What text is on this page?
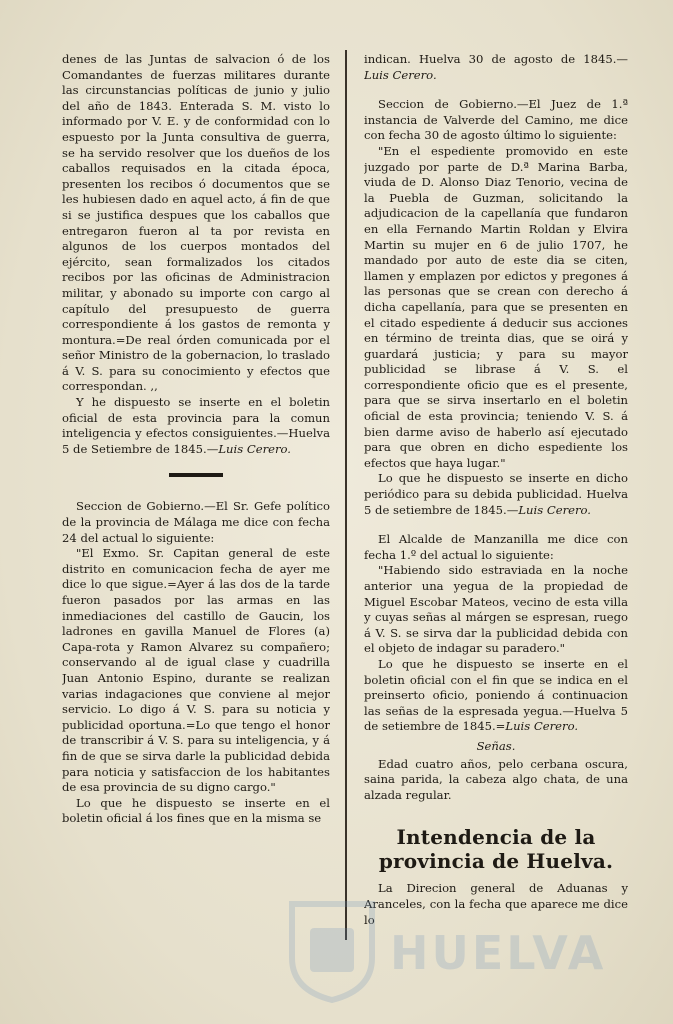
denes de las Juntas de salvacion ó de los Comandantes de fuerzas militares durante las circunstancias políticas de junio y julio del año de 1843. Enterada S. M. visto lo informado por V. E. y de conformidad con lo espuesto por la Junta consultiva de guerra, se ha servido resolver que los dueños de los caballos requisados en la citada época, presenten los recibos ó documentos que se les hubiesen dado en aquel acto, á fin de que si se justifica despues que los caballos que entregaron fueron al ta por revista en algunos de los cuerpos montados del ejército, sean formalizados los citados recibos por las oficinas de Administracion militar, y abonado su importe con cargo al capítulo del presupuesto de guerra correspondiente á los gastos de remonta y montura.=De real órden comunicada por el señor Ministro de la gobernacion, lo traslado á V. S. para su conocimiento y efectos que correspondan. ,,

Y he dispuesto se inserte en el boletin oficial de esta provincia para la comun inteligencia y efectos consiguientes.—Huelva 5 de Setiembre de 1845.—Luis Cerero.

Seccion de Gobierno.—El Sr. Gefe político de la provincia de Málaga me dice con fecha 24 del actual lo siguiente:

"El Exmo. Sr. Capitan general de este distrito en comunicacion fecha de ayer me dice lo que sigue.=Ayer á las dos de la tarde fueron pasados por las armas en las inmediaciones del castillo de Gaucin, los ladrones en gavilla Manuel de Flores (a) Capa-rota y Ramon Alvarez su compañero; conservando al de igual clase y cuadrilla Juan Antonio Espino, durante se realizan varias indagaciones que conviene al mejor servicio. Lo digo á V. S. para su noticia y publicidad oportuna.=Lo que tengo el honor de transcribir á V. S. para su inteligencia, y á fin de que se sirva darle la publicidad debida para noticia y satisfaccion de los habitantes de esa provincia de su digno cargo."

Lo que he dispuesto se inserte en el boletin oficial á los fines que en la misma se

indican. Huelva 30 de agosto de 1845.— Luis Cerero.

Seccion de Gobierno.—El Juez de 1.ª instancia de Valverde del Camino, me dice con fecha 30 de agosto último lo siguiente:

"En el espediente promovido en este juzgado por parte de D.ª Marina Barba, viuda de D. Alonso Diaz Tenorio, vecina de la Puebla de Guzman, solicitando la adjudicacion de la capellanía que fundaron en ella Fernando Martin Roldan y Elvira Martin su mujer en 6 de julio 1707, he mandado por auto de este dia se citen, llamen y emplazen por edictos y pregones á las personas que se crean con derecho á dicha capellanía, para que se presenten en el citado espediente á deducir sus acciones en término de treinta dias, que se oirá y guardará justicia; y para su mayor publicidad se librase á V. S. el correspondiente oficio que es el presente, para que se sirva insertarlo en el boletin oficial de esta provincia; teniendo V. S. á bien darme aviso de haberlo así ejecutado para que obren en dicho espediente los efectos que haya lugar."

Lo que he dispuesto se inserte en dicho periódico para su debida publicidad. Huelva 5 de setiembre de 1845.—Luis Cerero.

El Alcalde de Manzanilla me dice con fecha 1.º del actual lo siguiente:

"Habiendo sido estraviada en la noche anterior una yegua de la propiedad de Miguel Escobar Mateos, vecino de esta villa y cuyas señas al márgen se espresan, ruego á V. S. se sirva dar la publicidad debida con el objeto de indagar su paradero."

Lo que he dispuesto se inserte en el boletin oficial con el fin que se indica en el preinserto oficio, poniendo á continuacion las señas de la espresada yegua.—Huelva 5 de setiembre de 1845.=Luis Cerero.

Señas.

Edad cuatro años, pelo cerbana oscura, saina parida, la cabeza algo chata, de una alzada regular.

Intendencia de la provincia de Huelva.

La Direcion general de Aduanas y Aranceles, con la fecha que aparece me dice lo

HUELVA
